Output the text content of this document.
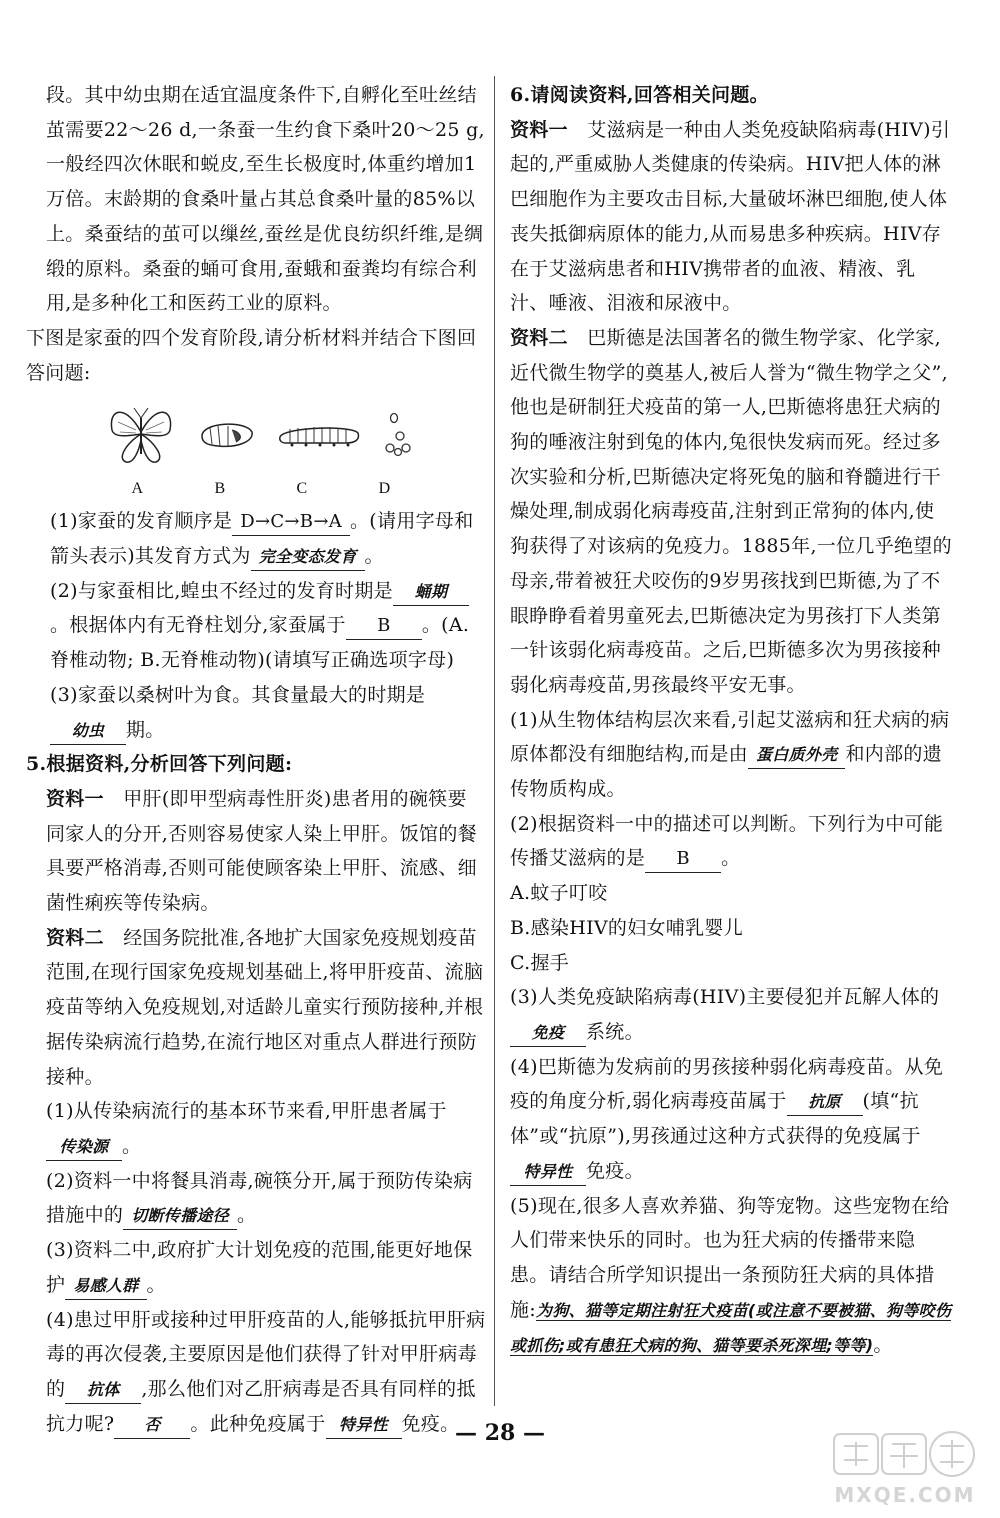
段。其中幼虫期在适宜温度条件下,自孵化至吐丝结茧需要22～26 d,一条蚕一生约食下桑叶20～25 g,一般经四次休眠和蜕皮,至生长极度时,体重约增加1万倍。末龄期的食桑叶量占其总食桑叶量的85%以上。桑蚕结的茧可以缫丝,蚕丝是优良纺织纤维,是绸缎的原料。桑蚕的蛹可食用,蚕蛾和蚕粪均有综合利用,是多种化工和医药工业的原料。

下图是家蚕的四个发育阶段,请分析材料并结合下图回答问题:

A	B	C	D

(1)家蚕的发育顺序是 D→C→B→A 。(请用字母和箭头表示)其发育方式为 完全变态发育 。

(2)与家蚕相比,蝗虫不经过的发育时期是 蛹期。根据体内有无脊柱划分,家蚕属于 B 。(A.脊椎动物; B.无脊椎动物)(请填写正确选项字母)

(3)家蚕以桑树叶为食。其食量最大的时期是幼虫 期。

5.根据资料,分析回答下列问题:

资料一　 甲肝(即甲型病毒性肝炎)患者用的碗筷要同家人的分开,否则容易使家人染上甲肝。饭馆的餐具要严格消毒,否则可能使顾客染上甲肝、流感、细菌性痢疾等传染病。

资料二　 经国务院批准,各地扩大国家免疫规划疫苗范围,在现行国家免疫规划基础上,将甲肝疫苗、流脑疫苗等纳入免疫规划,对适龄儿童实行预防接种,并根据传染病流行趋势,在流行地区对重点人群进行预防接种。

(1)从传染病流行的基本环节来看,甲肝患者属于传染源 。

(2)资料一中将餐具消毒,碗筷分开,属于预防传染病措施中的 切断传播途径 。

(3)资料二中,政府扩大计划免疫的范围,能更好地保护 易感人群 。

(4)患过甲肝或接种过甲肝疫苗的人,能够抵抗甲肝病毒的再次侵袭,主要原因是他们获得了针对甲肝病毒的 抗体 ,那么他们对乙肝病毒是否具有同样的抵抗力呢? 否 。此种免疫属于 特异性 免疫。

6.请阅读资料,回答相关问题。

资料一　 艾滋病是一种由人类免疫缺陷病毒(HIV)引起的,严重威胁人类健康的传染病。HIV把人体的淋巴细胞作为主要攻击目标,大量破坏淋巴细胞,使人体丧失抵御病原体的能力,从而易患多种疾病。HIV存在于艾滋病患者和HIV携带者的血液、精液、乳汁、唾液、泪液和尿液中。

资料二　 巴斯德是法国著名的微生物学家、化学家,近代微生物学的奠基人,被后人誉为“微生物学之父”,他也是研制狂犬疫苗的第一人,巴斯德将患狂犬病的狗的唾液注射到兔的体内,兔很快发病而死。经过多次实验和分析,巴斯德决定将死兔的脑和脊髓进行干燥处理,制成弱化病毒疫苗,注射到正常狗的体内,使狗获得了对该病的免疫力。1885年,一位几乎绝望的母亲,带着被狂犬咬伤的9岁男孩找到巴斯德,为了不眼睁睁看着男童死去,巴斯德决定为男孩打下人类第一针该弱化病毒疫苗。之后,巴斯德多次为男孩接种弱化病毒疫苗,男孩最终平安无事。

(1)从生物体结构层次来看,引起艾滋病和狂犬病的病原体都没有细胞结构,而是由 蛋白质外壳 和内部的遗传物质构成。

(2)根据资料一中的描述可以判断。下列行为中可能传播艾滋病的是 B 。

A.蚊子叮咬

B.感染HIV的妇女哺乳婴儿

C.握手

(3)人类免疫缺陷病毒(HIV)主要侵犯并瓦解人体的免疫 系统。

(4)巴斯德为发病前的男孩接种弱化病毒疫苗。从免疫的角度分析,弱化病毒疫苗属于 抗原 (填“抗体”或“抗原”),男孩通过这种方式获得的免疫属于特异性 免疫。

(5)现在,很多人喜欢养猫、狗等宠物。这些宠物在给人们带来快乐的同时。也为狂犬病的传播带来隐患。请结合所学知识提出一条预防狂犬病的具体措施:为狗、猫等定期注射狂犬疫苗(或注意不要被猫、狗等咬伤或抓伤;或有患狂犬病的狗、猫等要杀死深埋;等等)。

— 28 —
MXQE.COM
